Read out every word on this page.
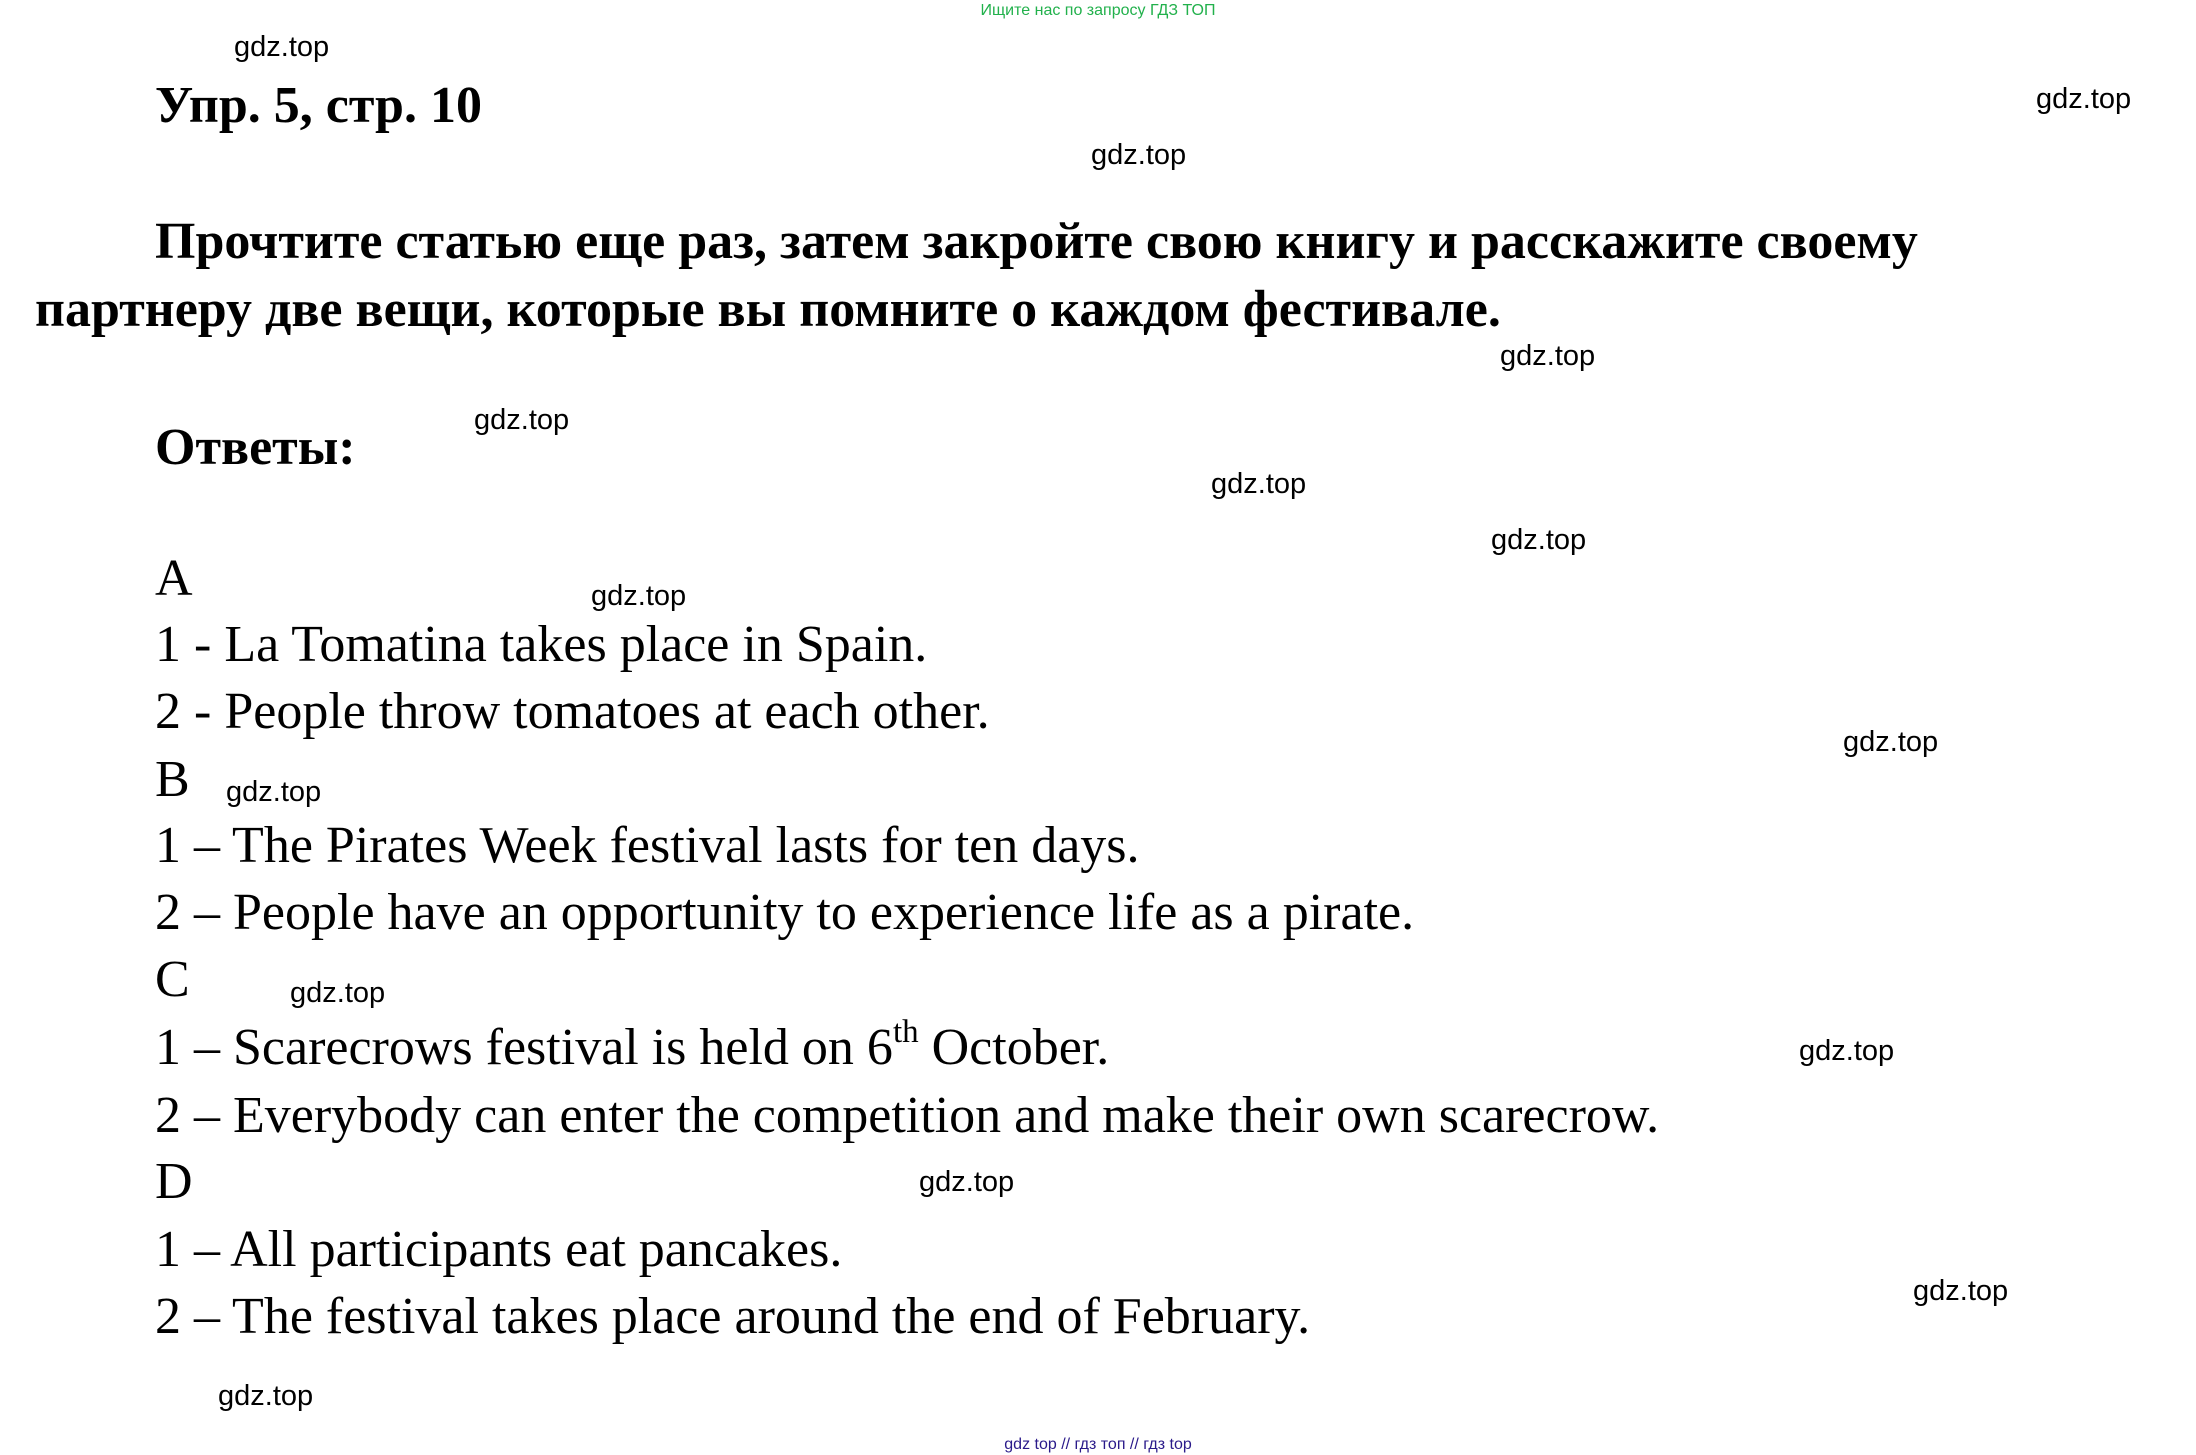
Ищите нас по запросу ГДЗ ТОП
gdz.top
gdz.top
gdz.top
gdz.top
gdz.top
gdz.top
gdz.top
gdz.top
gdz.top
gdz.top
gdz.top
gdz.top
gdz.top
gdz.top
gdz.top
Упр. 5, стр. 10
Прочтите статью еще раз, затем закройте свою книгу и расскажите своему
партнеру две вещи, которые вы помните о каждом фестивале.
Ответы:
A
1 - La Tomatina takes place in Spain.
2 - People throw tomatoes at each other.
B
1 – The Pirates Week festival lasts for ten days.
2 – People have an opportunity to experience life as a pirate.
C
1 – Scarecrows festival is held on 6th October.
2 – Everybody can enter the competition and make their own scarecrow.
D
1 – All participants eat pancakes.
2 – The festival takes place around the end of February.
gdz top // гдз топ // гдз top
